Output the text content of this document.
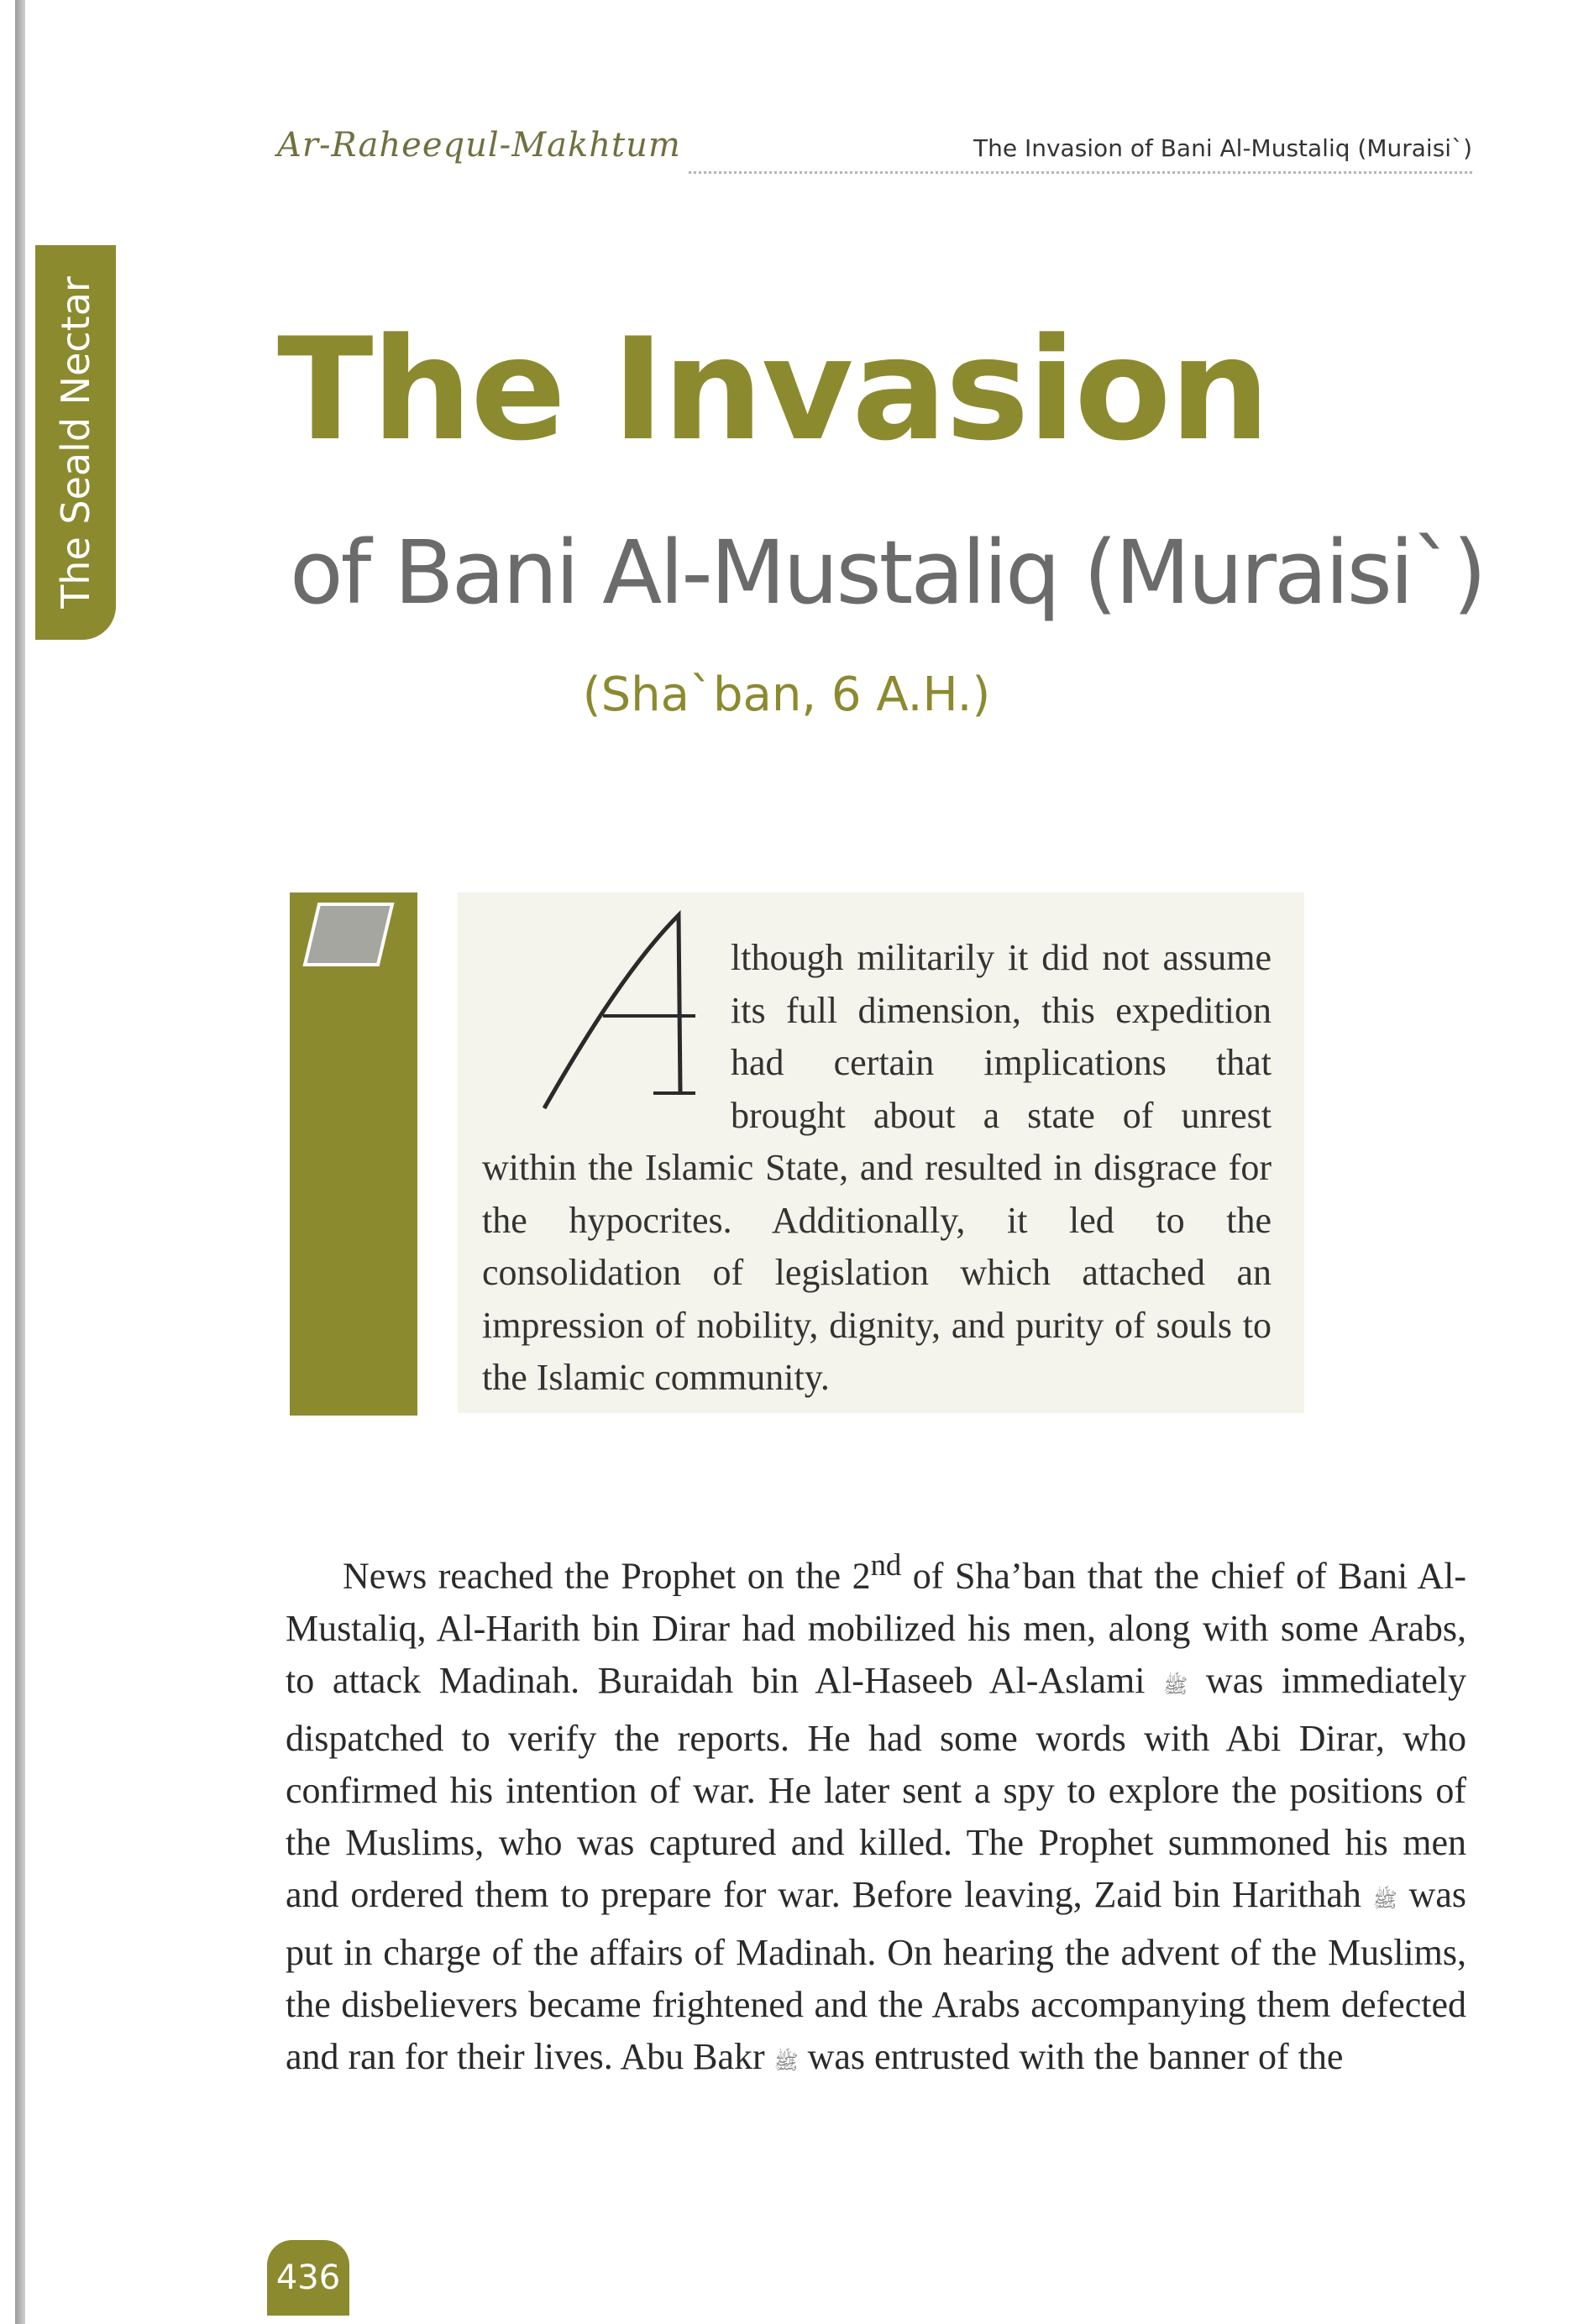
The Seald Nectar
Ar-Raheequl-Makhtum	The Invasion of Bani Al-Mustaliq (Muraisi`)
The Invasion
of Bani Al-Mustaliq (Muraisi`)
(Sha`ban, 6 A.H.)
lthough militarily it did not assume its full dimension, this expedition had certain implications that brought about a state of unrest within the Islamic State, and resulted in disgrace for the hypocrites. Additionally, it led to the consolidation of legislation which attached an impression of nobility, dignity, and purity of souls to the Islamic community.
News reached the Prophet on the 2nd of Sha’ban that the chief of Bani Al-Mustaliq, Al-Harith bin Dirar had mobilized his men, along with some Arabs, to attack Madinah. Buraidah bin Al-Haseeb Al-Aslami ﷺ was immediately dispatched to verify the reports. He had some words with Abi Dirar, who confirmed his intention of war. He later sent a spy to explore the positions of the Muslims, who was captured and killed. The Prophet summoned his men and ordered them to prepare for war. Before leaving, Zaid bin Harithah ﷺ was put in charge of the affairs of Madinah. On hearing the advent of the Muslims, the disbelievers became frightened and the Arabs accompanying them defected and ran for their lives. Abu Bakr ﷺ was entrusted with the banner of the
436
